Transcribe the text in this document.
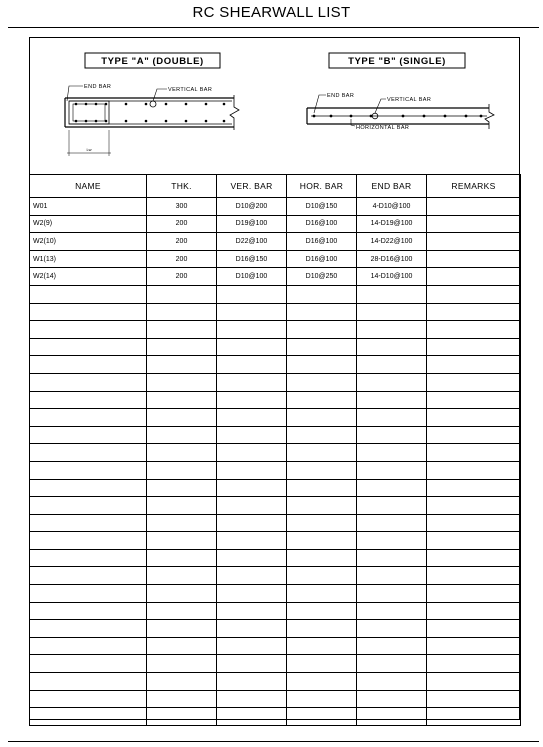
RC SHEARWALL LIST
TYPE "A" (DOUBLE)
END BAR	VERTICAL BAR
Lw
TYPE "B" (SINGLE)
END BAR
VERTICAL BAR
HORIZONTAL BAR
NAME	THK.	VER. BAR	HOR. BAR	END BAR	REMARKS
W01	300	D10@200	D10@150	4-D10@100	
W2(9)	200	D19@100	D16@100	14-D19@100	
W2(10)	200	D22@100	D16@100	14-D22@100	
W1(13)	200	D16@150	D16@100	28-D16@100	
W2(14)	200	D10@100	D10@250	14-D10@100	
